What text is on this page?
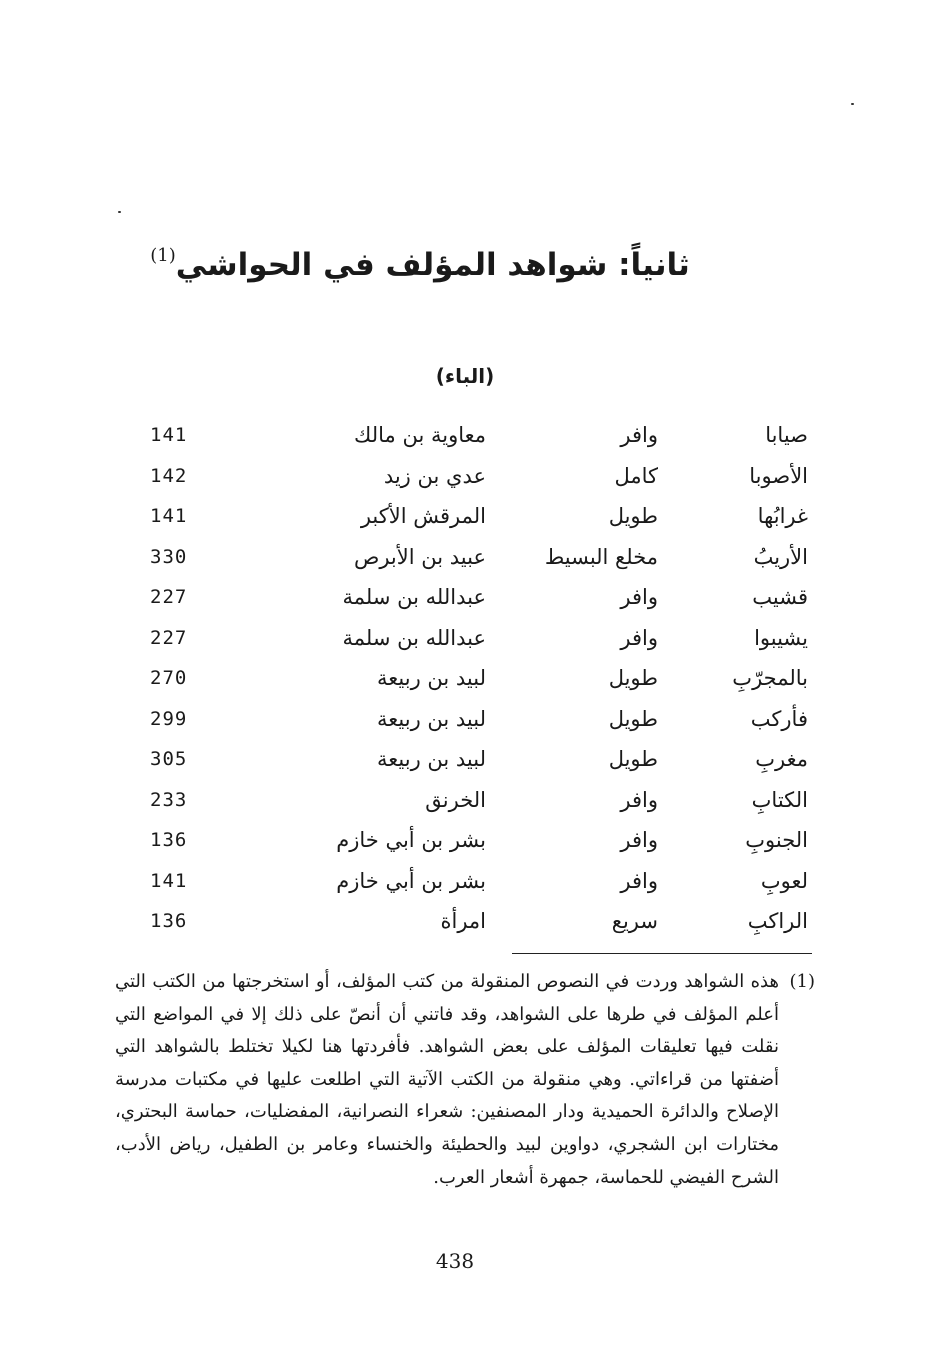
ثانياً: شواهد المؤلف في الحواشي$^{(1)}$
(الباء)
صيابا
وافر
معاوية بن مالك
141
الأصوبا
كامل
عدي بن زيد
142
غرابُها
طويل
المرقش الأكبر
141
الأريبُ
مخلع البسيط
عبيد بن الأبرص
330
قشيب
وافر
عبدالله بن سلمة
227
يشيبوا
وافر
عبدالله بن سلمة
227
بالمجرّبِ
طويل
لبيد بن ربيعة
270
فأركب
طويل
لبيد بن ربيعة
299
مغربِ
طويل
لبيد بن ربيعة
305
الكتابِ
وافر
الخرنق
233
الجنوبِ
وافر
بشر بن أبي خازم
136
لعوبِ
وافر
بشر بن أبي خازم
141
الراكبِ
سريع
امرأة
136
(1)
هذه الشواهد وردت في النصوص المنقولة من كتب المؤلف، أو استخرجتها من الكتب التي أعلم المؤلف في طرها على الشواهد، وقد فاتني أن أنصّ على ذلك إلا في المواضع التي نقلت فيها تعليقات المؤلف على بعض الشواهد. فأفردتها هنا لكيلا تختلط بالشواهد التي أضفتها من قراءاتي. وهي منقولة من الكتب الآتية التي اطلعت عليها في مكتبات مدرسة الإصلاح والدائرة الحميدية ودار المصنفين: شعراء النصرانية، المفضليات، حماسة البحتري، مختارات ابن الشجري، دواوين لبيد والحطيئة والخنساء وعامر بن الطفيل، رياض الأدب، الشرح الفيضي للحماسة، جمهرة أشعار العرب.
438
